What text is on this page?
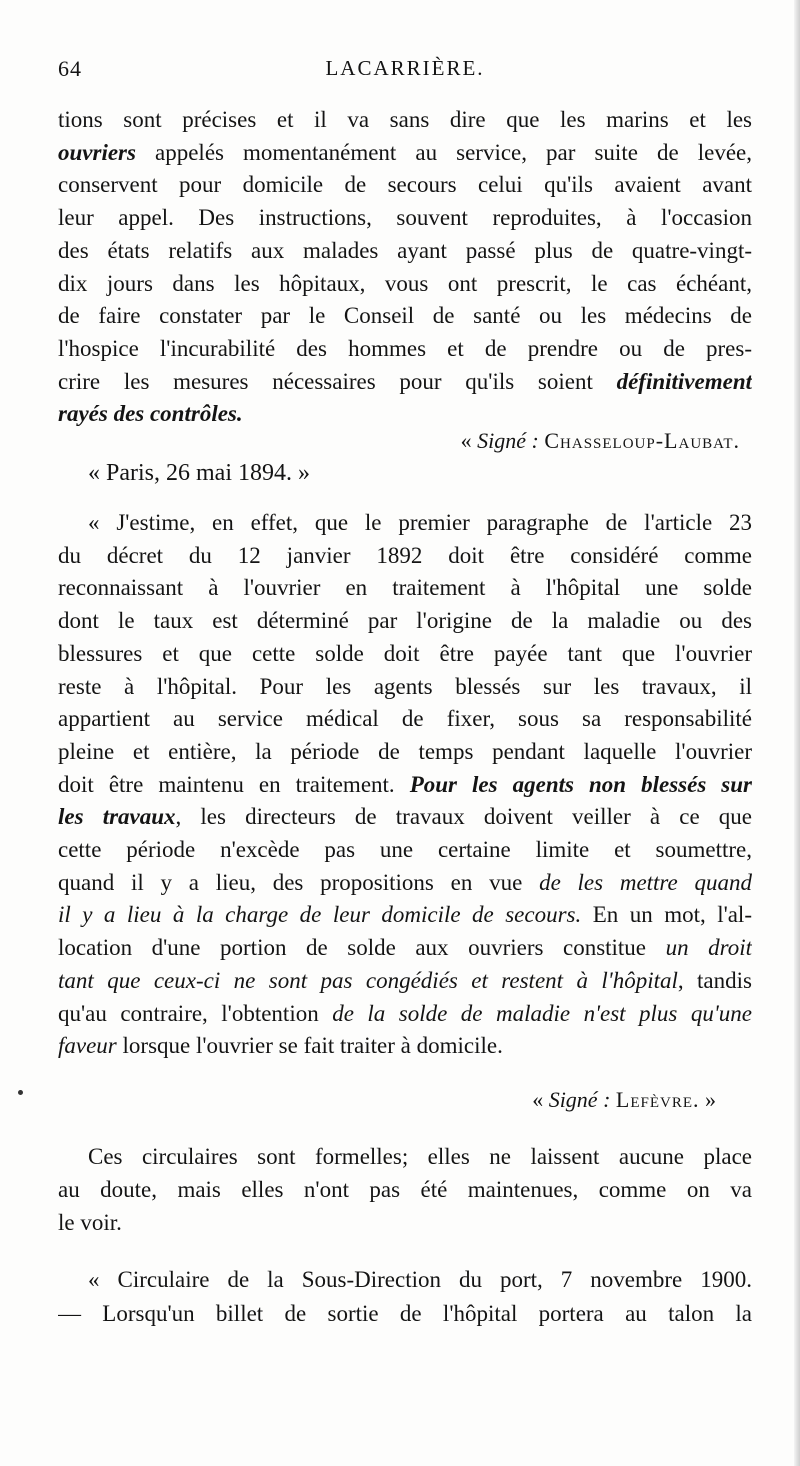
64	LACARRIÈRE.
tions sont précises et il va sans dire que les marins et les
ouvriers appelés momentanément au service, par suite de levée,
conservent pour domicile de secours celui qu'ils avaient avant
leur appel. Des instructions, souvent reproduites, à l'occasion
des états relatifs aux malades ayant passé plus de quatre-vingt-
dix jours dans les hôpitaux, vous ont prescrit, le cas échéant,
de faire constater par le Conseil de santé ou les médecins de
l'hospice l'incurabilité des hommes et de prendre ou de pres-
crire les mesures nécessaires pour qu'ils soient définitivement
rayés des contrôles.
« Signé : Chasseloup-Laubat.
« Paris, 26 mai 1894. »
« J'estime, en effet, que le premier paragraphe de l'article 23
du décret du 12 janvier 1892 doit être considéré comme
reconnaissant à l'ouvrier en traitement à l'hôpital une solde
dont le taux est déterminé par l'origine de la maladie ou des
blessures et que cette solde doit être payée tant que l'ouvrier
reste à l'hôpital. Pour les agents blessés sur les travaux, il
appartient au service médical de fixer, sous sa responsabilité
pleine et entière, la période de temps pendant laquelle l'ouvrier
doit être maintenu en traitement. Pour les agents non blessés sur
les travaux, les directeurs de travaux doivent veiller à ce que
cette période n'excède pas une certaine limite et soumettre,
quand il y a lieu, des propositions en vue de les mettre quand
il y a lieu à la charge de leur domicile de secours. En un mot, l'al-
location d'une portion de solde aux ouvriers constitue un droit
tant que ceux-ci ne sont pas congédiés et restent à l'hôpital, tandis
qu'au contraire, l'obtention de la solde de maladie n'est plus qu'une
faveur lorsque l'ouvrier se fait traiter à domicile.
« Signé : Lefèvre. »
Ces circulaires sont formelles; elles ne laissent aucune place
au doute, mais elles n'ont pas été maintenues, comme on va
le voir.
« Circulaire de la Sous-Direction du port, 7 novembre 1900.
— Lorsqu'un billet de sortie de l'hôpital portera au talon la
